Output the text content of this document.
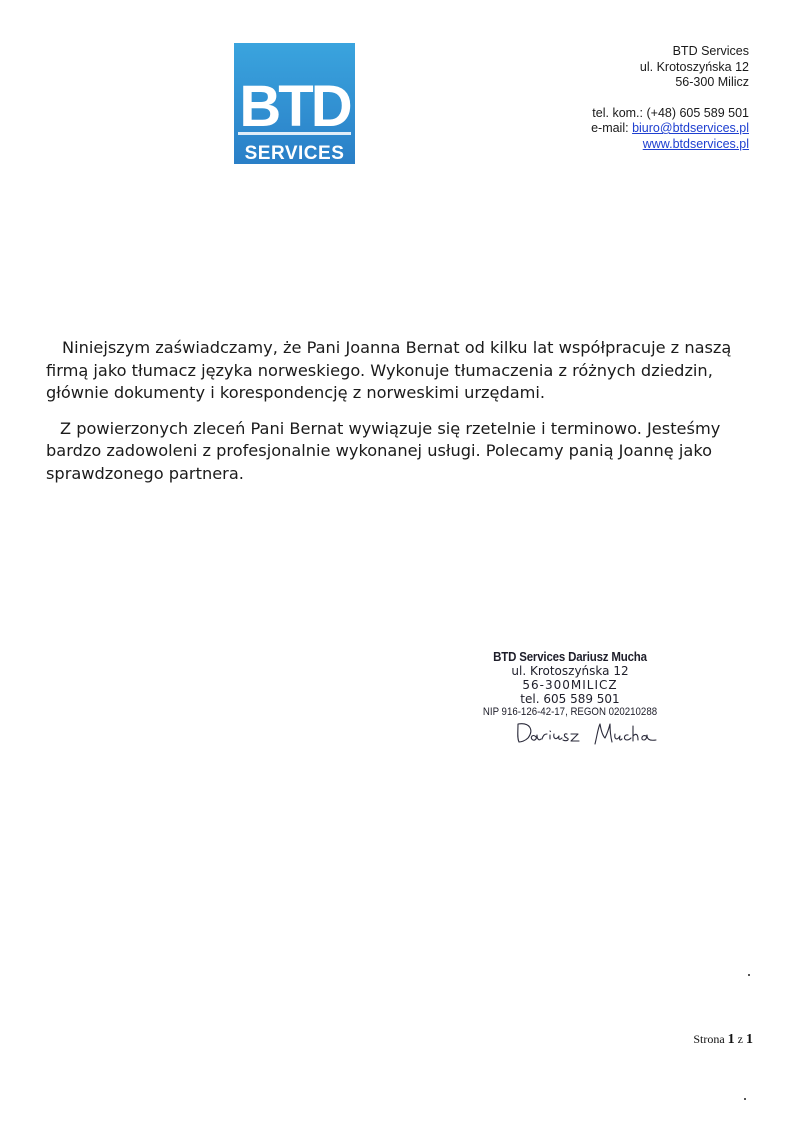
BTD
SERVICES
BTD Services
ul. Krotoszyńska 12
56-300 Milicz
tel. kom.: (+48) 605 589 501
e-mail: biuro@btdservices.pl
www.btdservices.pl

Niniejszym zaświadczamy, że Pani Joanna Bernat od kilku lat współpracuje z naszą firmą jako tłumacz języka norweskiego. Wykonuje tłumaczenia z różnych dziedzin, głównie dokumenty i korespondencję z norweskimi urzędami.

Z powierzonych zleceń Pani Bernat wywiązuje się rzetelnie i terminowo. Jesteśmy bardzo zadowoleni z profesjonalnie wykonanej usługi. Polecamy panią Joannę jako sprawdzonego partnera.

BTD Services Dariusz Mucha
ul. Krotoszyńska 12
56-300MILICZ
tel. 605 589 501
NIP 916-126-42-17, REGON 020210288
Strona 1 z 1
